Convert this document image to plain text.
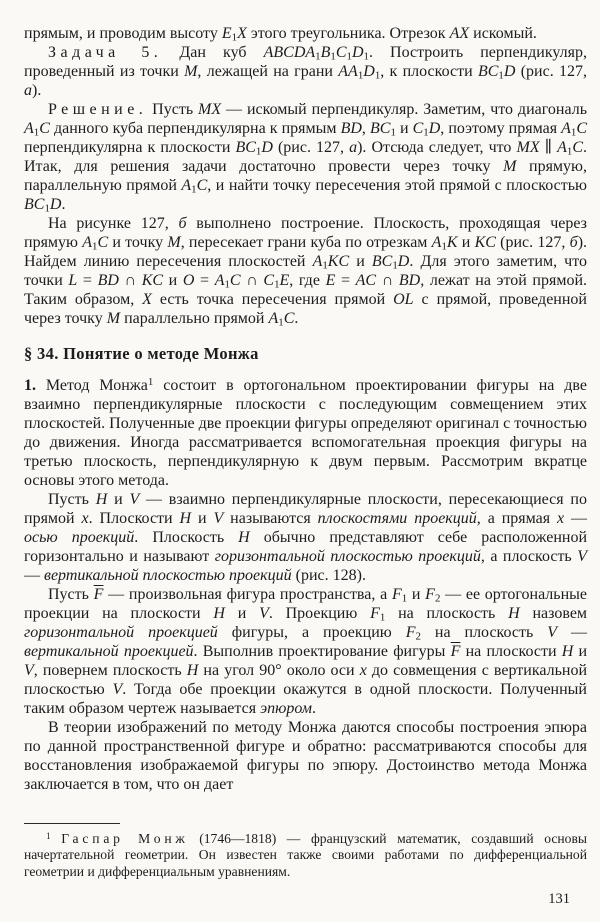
прямым, и проводим высоту $E_1X$ этого треугольника. Отрезок AX искомый.

Задача 5. Дан куб $ABCDA_1B_1C_1D_1$. Построить перпендикуляр, проведенный из точки M, лежащей на грани $AA_1D_1$, к плоскости $BC_1D$ (рис. 127, а).

Решение. Пусть MX — искомый перпендикуляр. Заметим, что диагональ $A_1C$ данного куба перпендикулярна к прямым BD, $BC_1$ и $C_1D$, поэтому прямая $A_1C$ перпендикулярна к плоскости $BC_1D$ (рис. 127, а). Отсюда следует, что MX ∥ $A_1C$. Итак, для решения задачи достаточно провести через точку M прямую, параллельную прямой $A_1C$, и найти точку пересечения этой прямой с плоскостью $BC_1D$.

На рисунке 127, б выполнено построение. Плоскость, проходящая через прямую $A_1C$ и точку M, пересекает грани куба по отрезкам $A_1K$ и KC (рис. 127, б). Найдем линию пересечения плоскостей $A_1KC$ и $BC_1D$. Для этого заметим, что точки L = BD ∩ KC и $O = A_1C$ ∩ $C_1E$, где E = AC ∩ BD, лежат на этой прямой. Таким образом, X есть точка пересечения прямой OL с прямой, проведенной через точку M параллельно прямой $A_1C$.

§ 34. Понятие о методе Монжа

1. Метод Монжа$^1$ состоит в ортогональном проектировании фигуры на две взаимно перпендикулярные плоскости с последующим совмещением этих плоскостей. Полученные две проекции фигуры определяют оригинал с точностью до движения. Иногда рассматривается вспомогательная проекция фигуры на третью плоскость, перпендикулярную к двум первым. Рассмотрим вкратце основы этого метода.

Пусть H и V — взаимно перпендикулярные плоскости, пересекающиеся по прямой x. Плоскости H и V называются плоскостями проекций, а прямая x — осью проекций. Плоскость H обычно представляют себе расположенной горизонтально и называют горизонтальной плоскостью проекций, а плоскость V — вертикальной плоскостью проекций (рис. 128).

Пусть $\overline{F}$ — произвольная фигура пространства, а $F_1$ и $F_2$ — ее ортогональные проекции на плоскости H и V. Проекцию $F_1$ на плоскость H назовем горизонтальной проекцией фигуры, а проекцию $F_2$ на плоскость V — вертикальной проекцией. Выполнив проектирование фигуры $\overline{F}$ на плоскости H и V, повернем плоскость H на угол 90° около оси x до совмещения с вертикальной плоскостью V. Тогда обе проекции окажутся в одной плоскости. Полученный таким образом чертеж называется эпюром.

В теории изображений по методу Монжа даются способы построения эпюра по данной пространственной фигуре и обратно: рассматриваются способы для восстановления изображаемой фигуры по эпюру. Достоинство метода Монжа заключается в том, что он дает

$^1$ Гаспар Монж (1746—1818) — французский математик, создавший основы начертательной геометрии. Он известен также своими работами по дифференциальной геометрии и дифференциальным уравнениям.

131
